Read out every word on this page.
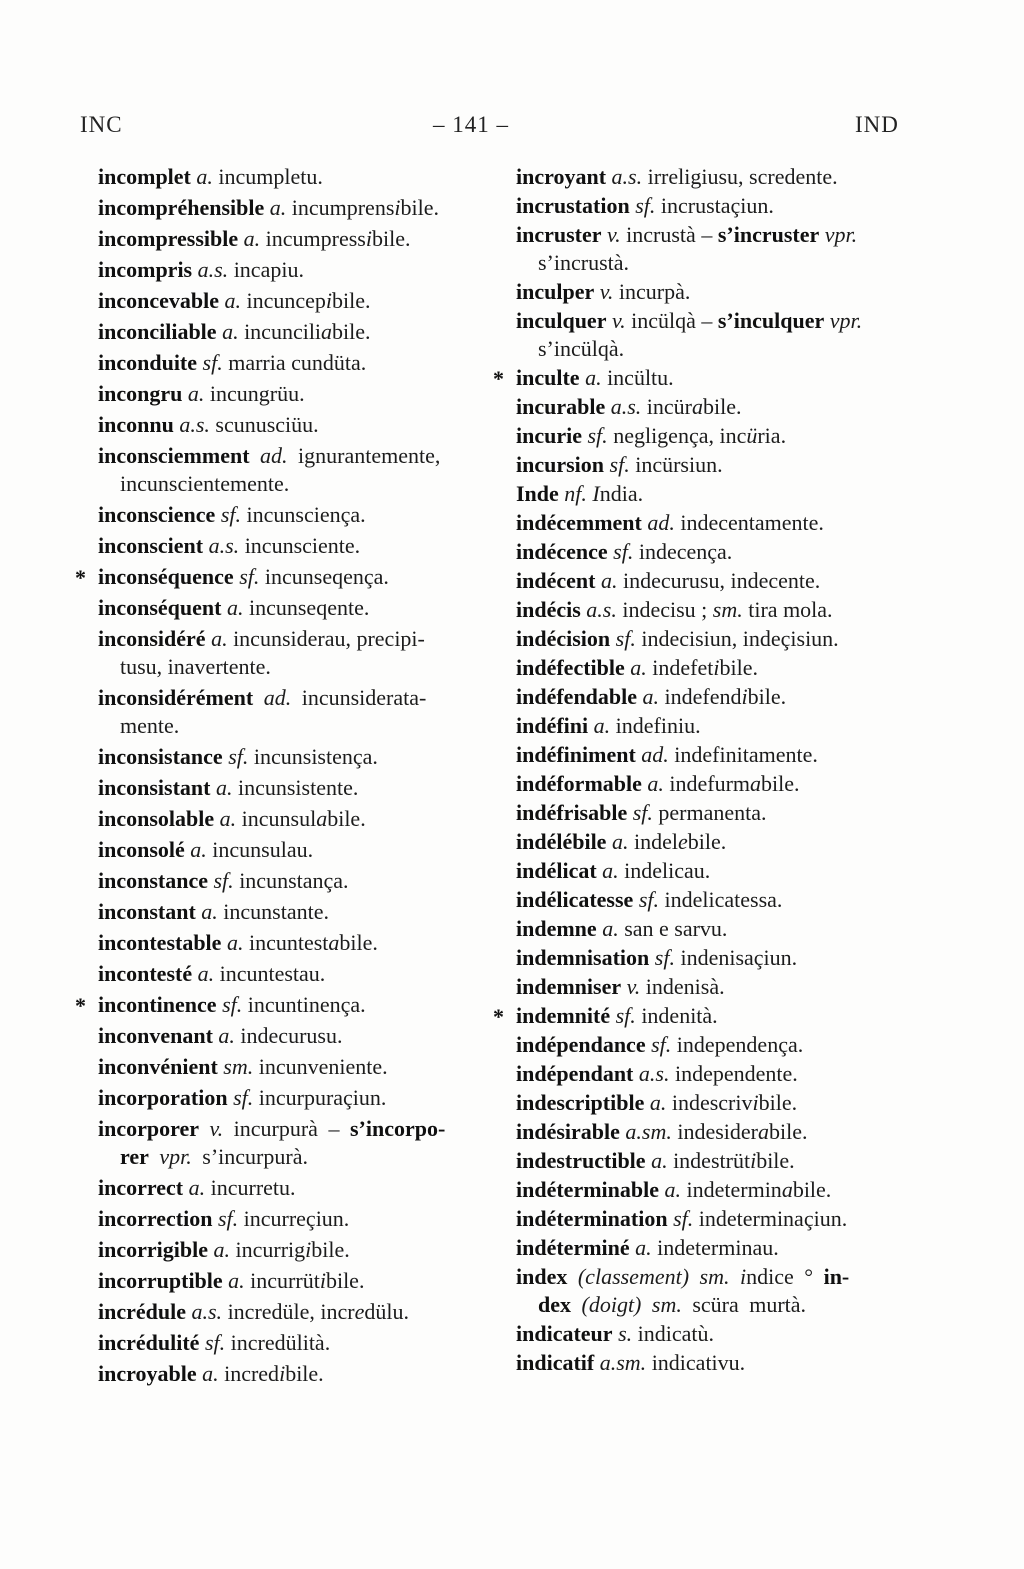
INC	– 141 –	IND
incomplet a. incumpletu.
incompréhensible a. incumprensibile.
incompressible a. incumpressibile.
incompris a.s. incapiu.
inconcevable a. incuncepibile.
inconciliable a. incunciliabile.
inconduite sf. marria cundüta.
incongru a. incungrüu.
inconnu a.s. scunusciüu.
inconsciemment ad. ignurantemente,
incunscientemente.
inconscience sf. incunsciença.
inconscient a.s. incunsciente.
* inconséquence sf. incunseqença.
inconséquent a. incunseqente.
inconsidéré a. incunsiderau, precipi-
tusu, inavertente.
inconsidérément ad. incunsiderata-
mente.
inconsistance sf. incunsistença.
inconsistant a. incunsistente.
inconsolable a. incunsulabile.
inconsolé a. incunsulau.
inconstance sf. incunstança.
inconstant a. incunstante.
incontestable a. incuntestabile.
incontesté a. incuntestau.
* incontinence sf. incuntinença.
inconvenant a. indecurusu.
inconvénient sm. incunveniente.
incorporation sf. incurpuraçiun.
incorporer v. incurpurà – s’incorpo-
rer vpr. s’incurpurà.
incorrect a. incurretu.
incorrection sf. incurreçiun.
incorrigible a. incurrigibile.
incorruptible a. incurrütibile.
incrédule a.s. incredüle, incredülu.
incrédulité sf. incredülità.
incroyable a. incredibile.
incroyant a.s. irreligiusu, scredente.
incrustation sf. incrustaçiun.
incruster v. incrustà – s’incruster vpr.
s’incrustà.
inculper v. incurpà.
inculquer v. incülqà – s’inculquer vpr.
s’incülqà.
* inculte a. incültu.
incurable a.s. incürabile.
incurie sf. negligença, incüria.
incursion sf. incürsiun.
Inde nf. India.
indécemment ad. indecentamente.
indécence sf. indecença.
indécent a. indecurusu, indecente.
indécis a.s. indecisu ; sm. tira mola.
indécision sf. indecisiun, indeçisiun.
indéfectible a. indefetibile.
indéfendable a. indefendibile.
indéfini a. indefiniu.
indéfiniment ad. indefinitamente.
indéformable a. indefurmabile.
indéfrisable sf. permanenta.
indélébile a. indelebile.
indélicat a. indelicau.
indélicatesse sf. indelicatessa.
indemne a. san e sarvu.
indemnisation sf. indenisaçiun.
indemniser v. indenisà.
* indemnité sf. indenità.
indépendance sf. independença.
indépendant a.s. independente.
indescriptible a. indescrivibile.
indésirable a.sm. indesiderabile.
indestructible a. indestrütibile.
indéterminable a. indeterminabile.
indétermination sf. indeterminaçiun.
indéterminé a. indeterminau.
index (classement) sm. indice ° in-
dex (doigt) sm. scüra murtà.
indicateur s. indicatù.
indicatif a.sm. indicativu.
